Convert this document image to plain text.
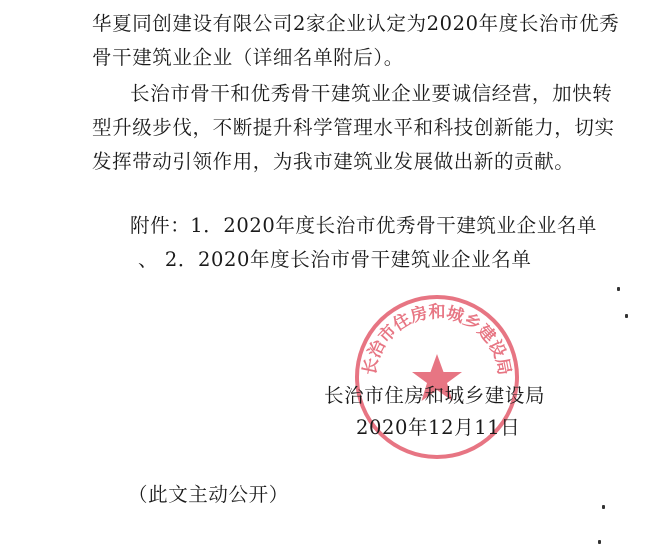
华夏同创建设有限公司2家企业认定为2020年度长治市优秀
骨干建筑业企业（详细名单附后）。
长治市骨干和优秀骨干建筑业企业要诚信经营，加快转
型升级步伐，不断提升科学管理水平和科技创新能力，切实
发挥带动引领作用，为我市建筑业发展做出新的贡献。
附件：1．2020年度长治市优秀骨干建筑业企业名单
、 2．2020年度长治市骨干建筑业企业名单
长治市住房和城乡建设局
长治市住房和城乡建设局
2020年12月11日
（此文主动公开）
